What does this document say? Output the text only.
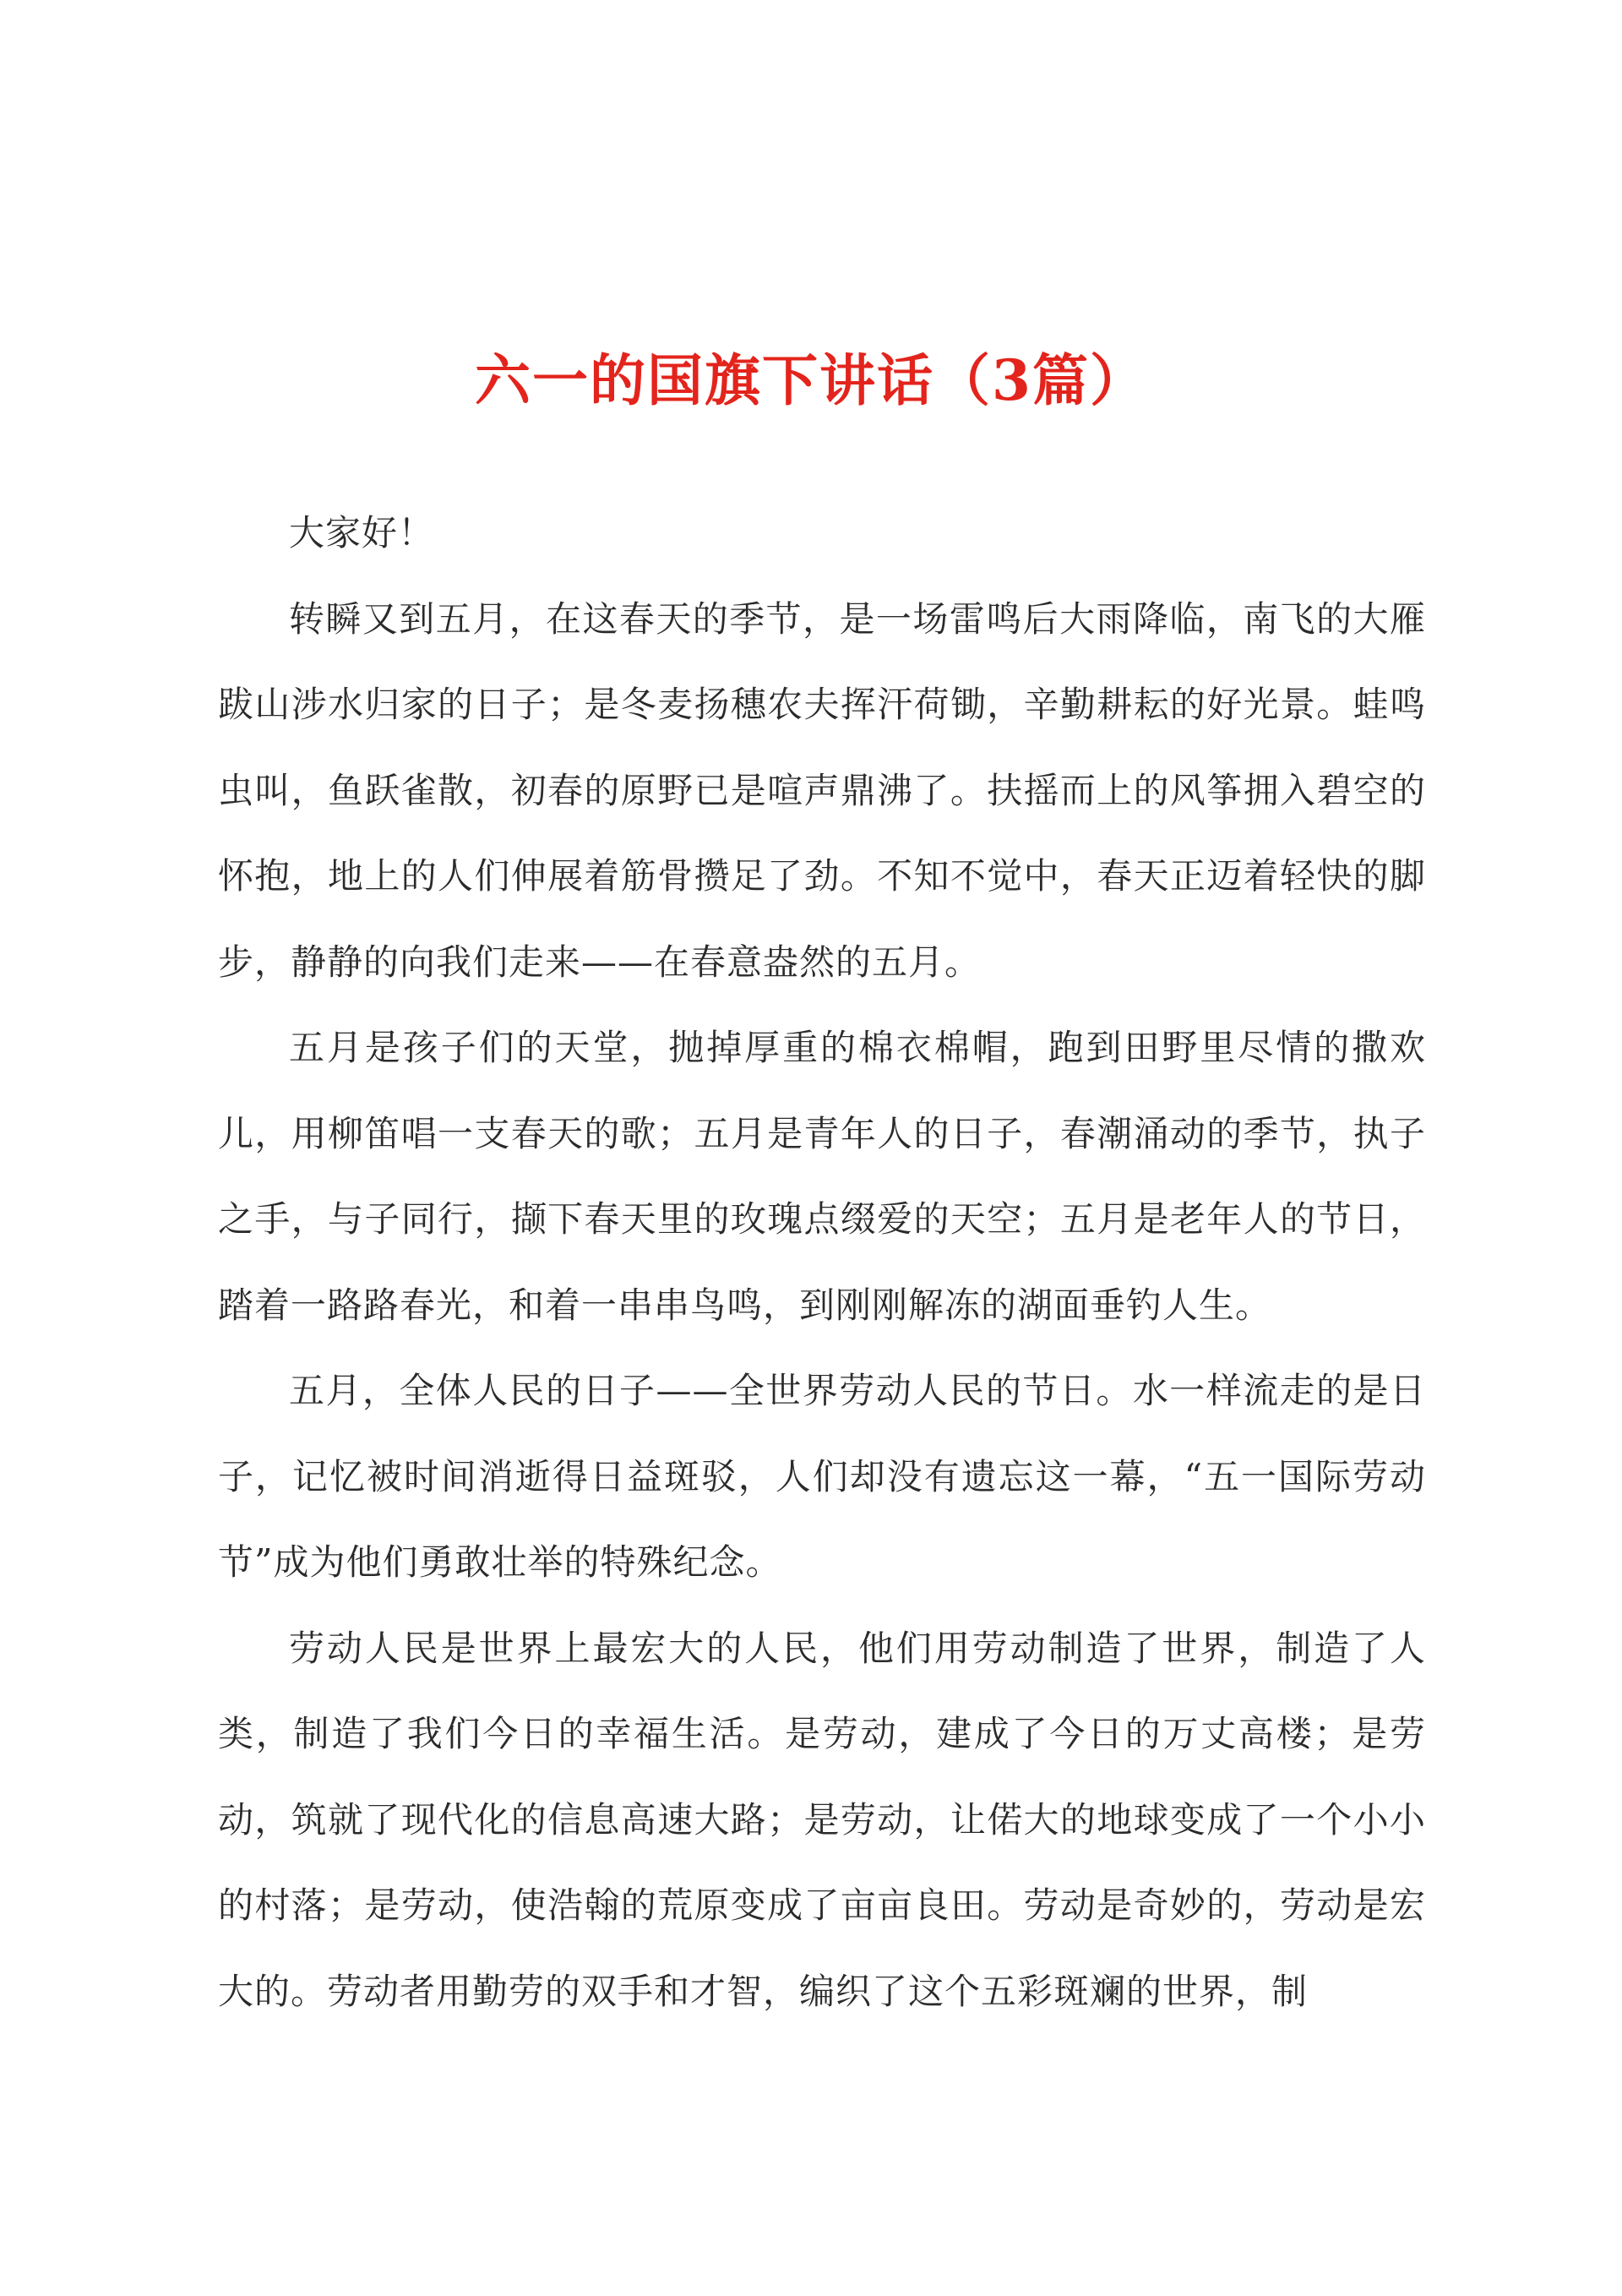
六一的国旗下讲话（3篇）

大家好！

转瞬又到五月，在这春天的季节，是一场雷鸣后大雨降临，南飞的大雁跋山涉水归家的日子；是冬麦扬穗农夫挥汗荷锄，辛勤耕耘的好光景。蛙鸣虫叫，鱼跃雀散，初春的原野已是喧声鼎沸了。扶摇而上的风筝拥入碧空的怀抱，地上的人们伸展着筋骨攒足了劲。不知不觉中，春天正迈着轻快的脚步，静静的向我们走来——在春意盎然的五月。

五月是孩子们的天堂，抛掉厚重的棉衣棉帽，跑到田野里尽情的撒欢儿，用柳笛唱一支春天的歌；五月是青年人的日子，春潮涌动的季节，执子之手，与子同行，撷下春天里的玫瑰点缀爱的天空；五月是老年人的节日，踏着一路路春光，和着一串串鸟鸣，到刚刚解冻的湖面垂钓人生。

五月，全体人民的日子——全世界劳动人民的节日。水一样流走的是日子，记忆被时间消逝得日益斑驳，人们却没有遗忘这一幕，“五一国际劳动节”成为他们勇敢壮举的特殊纪念。

劳动人民是世界上最宏大的人民，他们用劳动制造了世界，制造了人类，制造了我们今日的幸福生活。是劳动，建成了今日的万丈高楼；是劳动，筑就了现代化的信息高速大路；是劳动，让偌大的地球变成了一个小小的村落；是劳动，使浩翰的荒原变成了亩亩良田。劳动是奇妙的，劳动是宏大的。劳动者用勤劳的双手和才智，编织了这个五彩斑斓的世界，制
